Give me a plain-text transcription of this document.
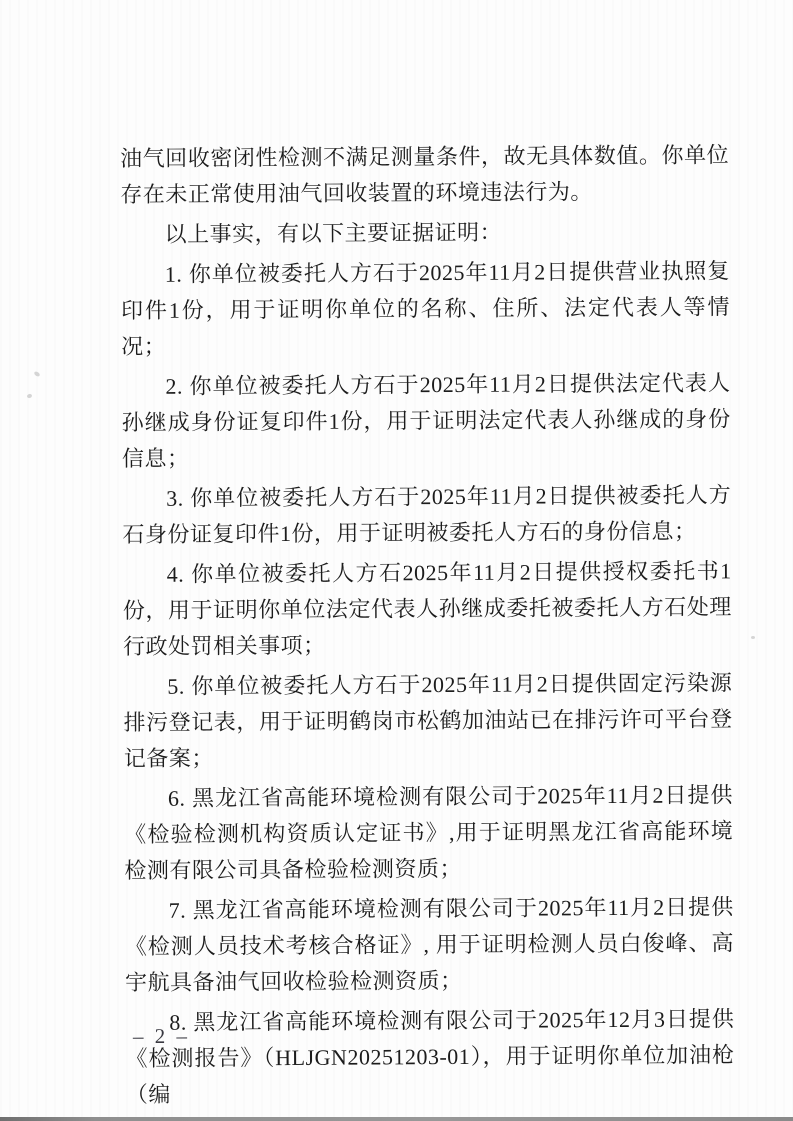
油气回收密闭性检测不满足测量条件，故无具体数值。你单位存在未正常使用油气回收装置的环境违法行为。

以上事实，有以下主要证据证明：

1. 你单位被委托人方石于2025年11月2日提供营业执照复印件1份，用于证明你单位的名称、住所、法定代表人等情况；

2. 你单位被委托人方石于2025年11月2日提供法定代表人孙继成身份证复印件1份，用于证明法定代表人孙继成的身份信息；

3. 你单位被委托人方石于2025年11月2日提供被委托人方石身份证复印件1份，用于证明被委托人方石的身份信息；

4. 你单位被委托人方石2025年11月2日提供授权委托书1份，用于证明你单位法定代表人孙继成委托被委托人方石处理行政处罚相关事项；

5. 你单位被委托人方石于2025年11月2日提供固定污染源排污登记表，用于证明鹤岗市松鹤加油站已在排污许可平台登记备案；

6. 黑龙江省高能环境检测有限公司于2025年11月2日提供《检验检测机构资质认定证书》,用于证明黑龙江省高能环境检测有限公司具备检验检测资质；

7. 黑龙江省高能环境检测有限公司于2025年11月2日提供《检测人员技术考核合格证》, 用于证明检测人员白俊峰、高宇航具备油气回收检验检测资质；

8. 黑龙江省高能环境检测有限公司于2025年12月3日提供《检测报告》（HLJGN20251203-01），用于证明你单位加油枪（编

– 2 –
